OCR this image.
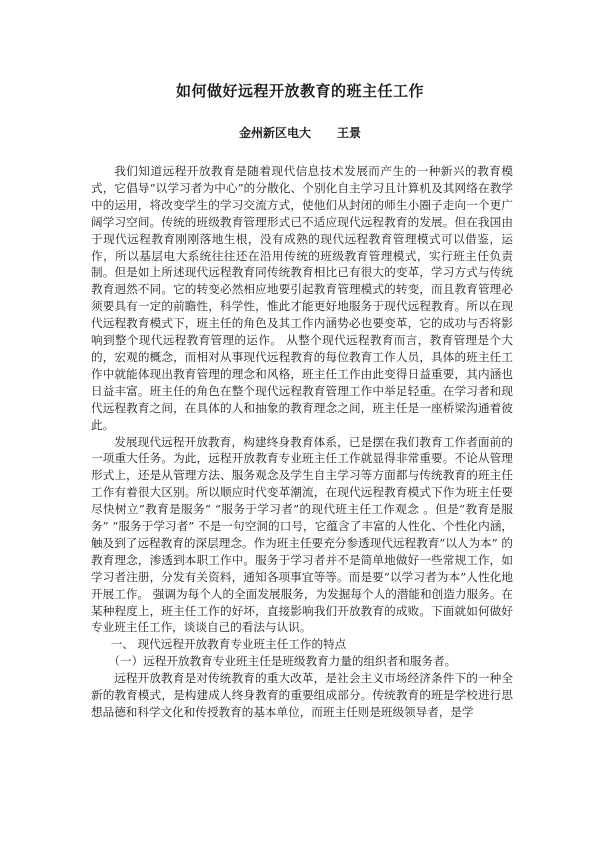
如何做好远程开放教育的班主任工作
金州新区电大 王景

我们知道远程开放教育是随着现代信息技术发展而产生的一种新兴的教育模式，它倡导“以学习者为中心”的分散化、个别化自主学习且计算机及其网络在教学中的运用，将改变学生的学习交流方式，使他们从封闭的师生小圈子走向一个更广阔学习空间。传统的班级教育管理形式已不适应现代远程教育的发展。但在我国由于现代远程教育刚刚落地生根，没有成熟的现代远程教育管理模式可以借鉴，运作，所以基层电大系统往往还在沿用传统的班级教育管理模式，实行班主任负责制。但是如上所述现代远程教育同传统教育相比已有很大的变革，学习方式与传统教育迥然不同。它的转变必然相应地要引起教育管理模式的转变，而且教育管理必须要具有一定的前瞻性，科学性，惟此才能更好地服务于现代远程教育。所以在现代远程教育模式下，班主任的角色及其工作内涵势必也要变革，它的成功与否将影响到整个现代远程教育管理的运作。 从整个现代远程教育而言，教育管理是个大的，宏观的概念，而相对从事现代远程教育的每位教育工作人员，具体的班主任工作中就能体现出教育管理的理念和风格，班主任工作由此变得日益重要，其内涵也日益丰富。班主任的角色在整个现代远程教育管理工作中举足轻重。在学习者和现代远程教育之间，在具体的人和抽象的教育理念之间，班主任是一座桥梁沟通着彼此。

发展现代远程开放教育，构建终身教育体系，已是摆在我们教育工作者面前的一项重大任务。为此，远程开放教育专业班主任工作就显得非常重要。不论从管理形式上，还是从管理方法、服务观念及学生自主学习等方面都与传统教育的班主任工作有着很大区别。所以顺应时代变革潮流，在现代远程教育模式下作为班主任要尽快树立”教育是服务” “服务于学习者”的现代班主任工作观念 。但是“教育是服务” “服务于学习者” 不是一句空洞的口号，它蕴含了丰富的人性化、个性化内涵，触及到了远程教育的深层理念。作为班主任要充分参透现代远程教育”以人为本” 的教育理念，渗透到本职工作中。服务于学习者并不是简单地做好一些常规工作，如学习者注册，分发有关资料，通知各项事宜等等。而是要”以学习者为本”人性化地开展工作。 强调为每个人的全面发展服务，为发掘每个人的潜能和创造力服务。在某种程度上，班主任工作的好坏，直接影响我们开放教育的成败。下面就如何做好专业班主任工作，谈谈自己的看法与认识。

一、 现代远程开放教育专业班主任工作的特点

（一）远程开放教育专业班主任是班级教育力量的组织者和服务者。

远程开放教育是对传统教育的重大改革，是社会主义市场经济条件下的一种全新的教育模式，是构建成人终身教育的重要组成部分。传统教育的班是学校进行思想品德和科学文化和传授教育的基本单位，而班主任则是班级领导者，是学
